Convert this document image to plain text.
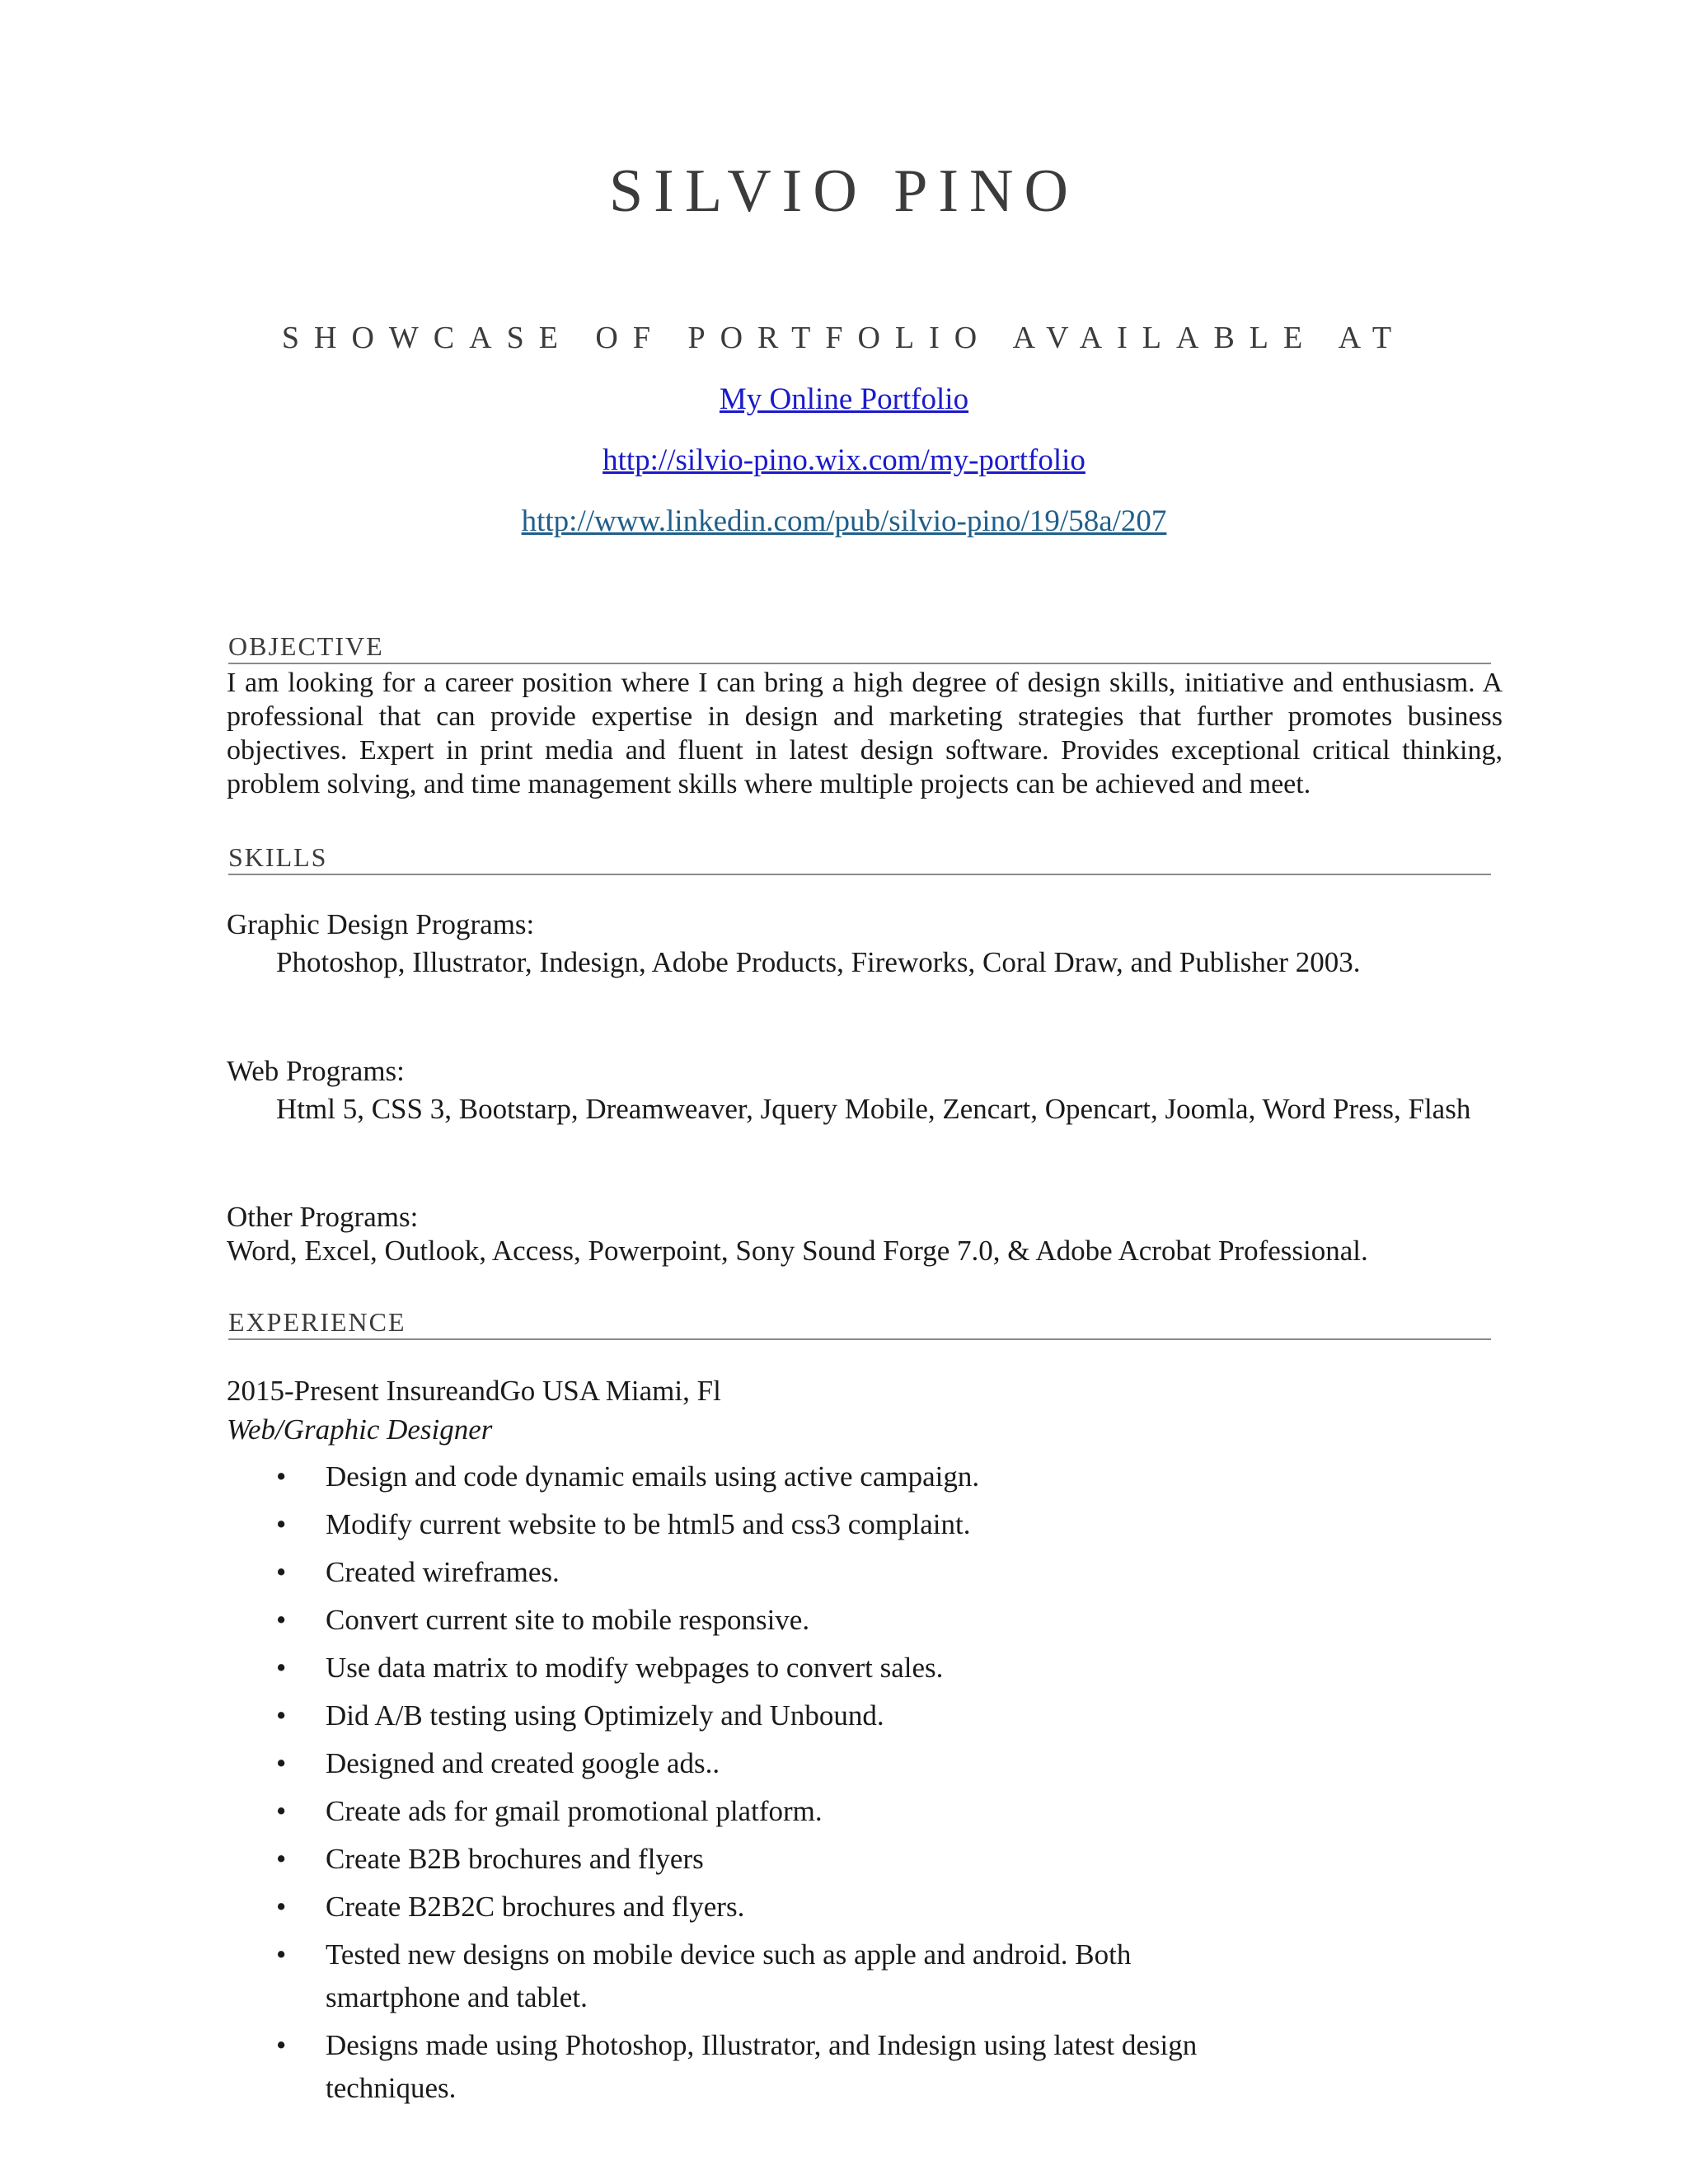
SILVIO PINO
SHOWCASE OF PORTFOLIO AVAILABLE AT
My Online Portfolio
http://silvio-pino.wix.com/my-portfolio
http://www.linkedin.com/pub/silvio-pino/19/58a/207
OBJECTIVE

I am looking for a career position where I can bring a high degree of design skills, initiative and enthusiasm. A professional that can provide expertise in design and marketing strategies that further promotes business objectives. Expert in print media and fluent in latest design software. Provides exceptional critical thinking, problem solving, and time management skills where multiple projects can be achieved and meet.

SKILLS
Graphic Design Programs:
Photoshop, Illustrator, Indesign, Adobe Products, Fireworks, Coral Draw, and Publisher 2003.
Web Programs:
Html 5, CSS 3, Bootstarp, Dreamweaver, Jquery Mobile, Zencart, Opencart, Joomla, Word Press, Flash
Other Programs:
Word, Excel, Outlook, Access, Powerpoint, Sony Sound Forge 7.0, & Adobe Acrobat Professional.
EXPERIENCE
2015-Present InsureandGo USA Miami, Fl
Web/Graphic Designer
• Design and code dynamic emails using active campaign.
• Modify current website to be html5 and css3 complaint.
• Created wireframes.
• Convert current site to mobile responsive.
• Use data matrix to modify webpages to convert sales.
• Did A/B testing using Optimizely and Unbound.
• Designed and created google ads..
• Create ads for gmail promotional platform.
• Create B2B brochures and flyers
• Create B2B2C brochures and flyers.
• Tested new designs on mobile device such as apple and android. Both smartphone and tablet.
• Designs made using Photoshop, Illustrator, and Indesign using latest design techniques.
